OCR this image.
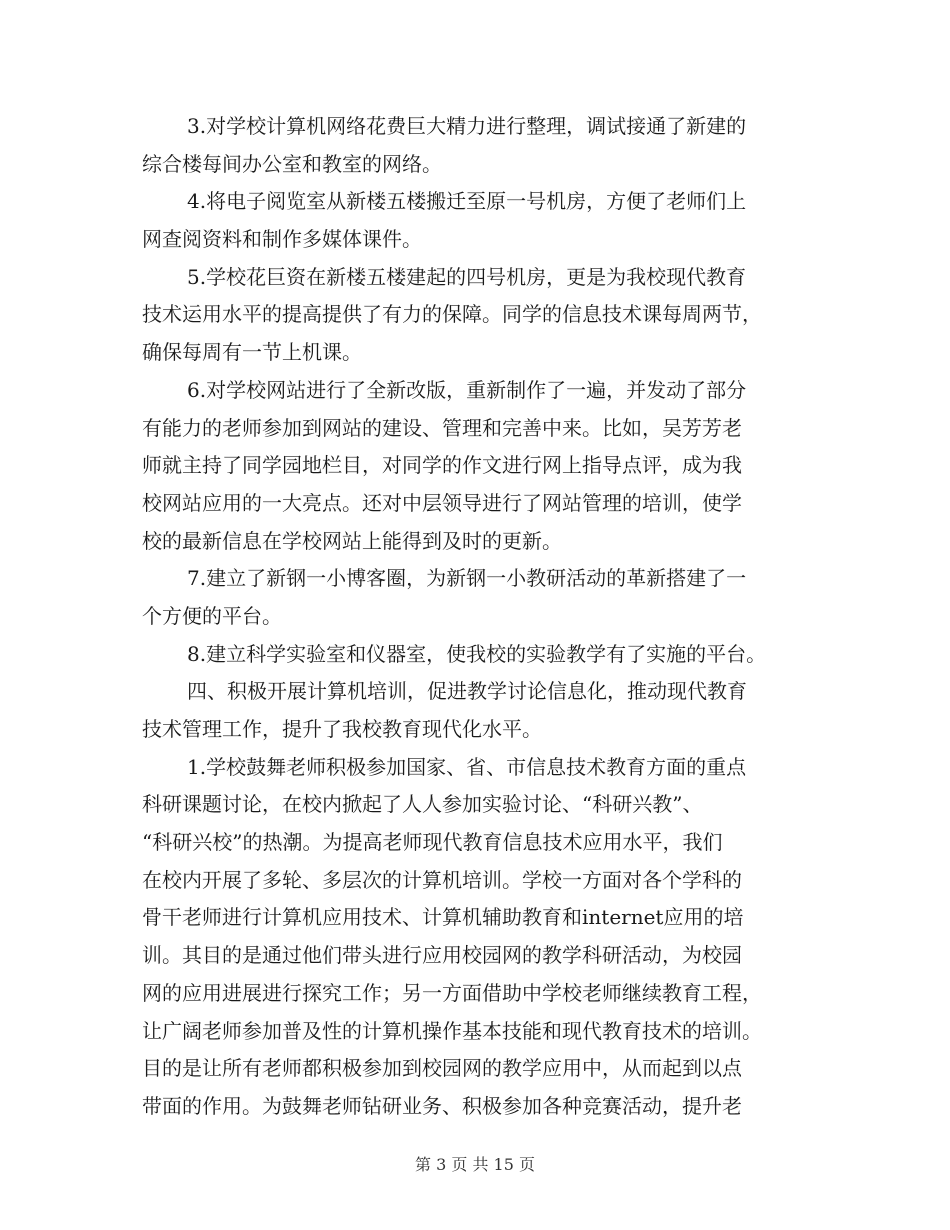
3.对学校计算机网络花费巨大精力进行整理，调试接通了新建的
综合楼每间办公室和教室的网络。
4.将电子阅览室从新楼五楼搬迁至原一号机房，方便了老师们上
网查阅资料和制作多媒体课件。
5.学校花巨资在新楼五楼建起的四号机房，更是为我校现代教育
技术运用水平的提高提供了有力的保障。同学的信息技术课每周两节，
确保每周有一节上机课。
6.对学校网站进行了全新改版，重新制作了一遍，并发动了部分
有能力的老师参加到网站的建设、管理和完善中来。比如，吴芳芳老
师就主持了同学园地栏目，对同学的作文进行网上指导点评，成为我
校网站应用的一大亮点。还对中层领导进行了网站管理的培训，使学
校的最新信息在学校网站上能得到及时的更新。
7.建立了新钢一小博客圈，为新钢一小教研活动的革新搭建了一
个方便的平台。
8.建立科学实验室和仪器室，使我校的实验教学有了实施的平台。
四、积极开展计算机培训，促进教学讨论信息化，推动现代教育
技术管理工作，提升了我校教育现代化水平。
1.学校鼓舞老师积极参加国家、省、市信息技术教育方面的重点
科研课题讨论，在校内掀起了人人参加实验讨论、“科研兴教”、
“科研兴校”的热潮。为提高老师现代教育信息技术应用水平，我们
在校内开展了多轮、多层次的计算机培训。学校一方面对各个学科的
骨干老师进行计算机应用技术、计算机辅助教育和internet应用的培
训。其目的是通过他们带头进行应用校园网的教学科研活动，为校园
网的应用进展进行探究工作；另一方面借助中学校老师继续教育工程，
让广阔老师参加普及性的计算机操作基本技能和现代教育技术的培训。
目的是让所有老师都积极参加到校园网的教学应用中，从而起到以点
带面的作用。为鼓舞老师钻研业务、积极参加各种竞赛活动，提升老
第 3 页 共 15 页
